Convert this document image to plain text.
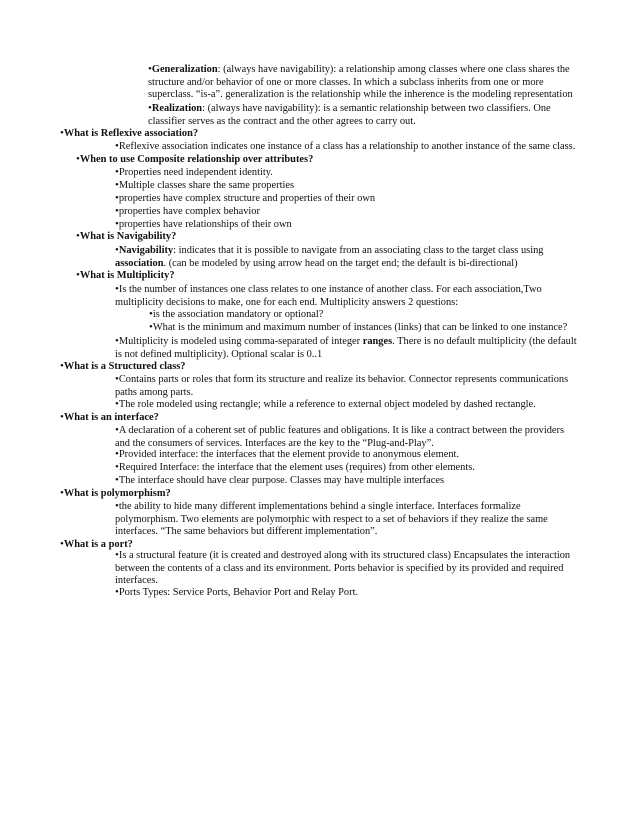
•Generalization: (always have navigability): a relationship among classes where one class shares the structure and/or behavior of one or more classes. In which a subclass inherits from one or more superclass. “is-a”. generalization is the relationship while the inherence is the modeling representation

•Realization: (always have navigability): is a semantic relationship between two classifiers. One classifier serves as the contract and the other agrees to carry out.

•What is Reflexive association?

•Reflexive association indicates one instance of a class has a relationship to another instance of the same class.

•When to use Composite relationship over attributes?

•Properties need independent identity.

•Multiple classes share the same properties

•properties have complex structure and properties of their own

•properties have complex behavior

•properties have relationships of their own

•What is Navigability?

•Navigability: indicates that it is possible to navigate from an associating class to the target class using association. (can be modeled by using arrow head on the target end; the default is bi-directional)

•What is Multiplicity?

•Is the number of instances one class relates to one instance of another class. For each association,Two multiplicity decisions to make, one for each end. Multiplicity answers 2 questions:

•is the association mandatory or optional?

•What is the minimum and maximum number of instances (links) that can be linked to one instance?

•Multiplicity is modeled using comma-separated of integer ranges. There is no default multiplicity (the default is not defined multiplicity). Optional scalar is 0..1

•What is a Structured class?

•Contains parts or roles that form its structure and realize its behavior. Connector represents communications paths among parts.

•The role modeled using rectangle; while a reference to external object modeled by dashed rectangle.

•What is an interface?

•A declaration of a coherent set of public features and obligations. It is like a contract between the providers and the consumers of services. Interfaces are the key to the “Plug-and-Play”.

•Provided interface: the interfaces that the element provide to anonymous element.

•Required Interface: the interface that the element uses (requires) from other elements.

•The interface should have clear purpose. Classes may have multiple interfaces

•What is polymorphism?

•the ability to hide many different implementations behind a single interface. Interfaces formalize polymorphism. Two elements are polymorphic with respect to a set of behaviors if they realize the same interfaces. “The same behaviors but different implementation”.

•What is a port?

•Is a structural feature (it is created and destroyed along with its structured class) Encapsulates the interaction between the contents of a class and its environment. Ports behavior is specified by its provided and required interfaces.

•Ports Types: Service Ports, Behavior Port and Relay Port.
